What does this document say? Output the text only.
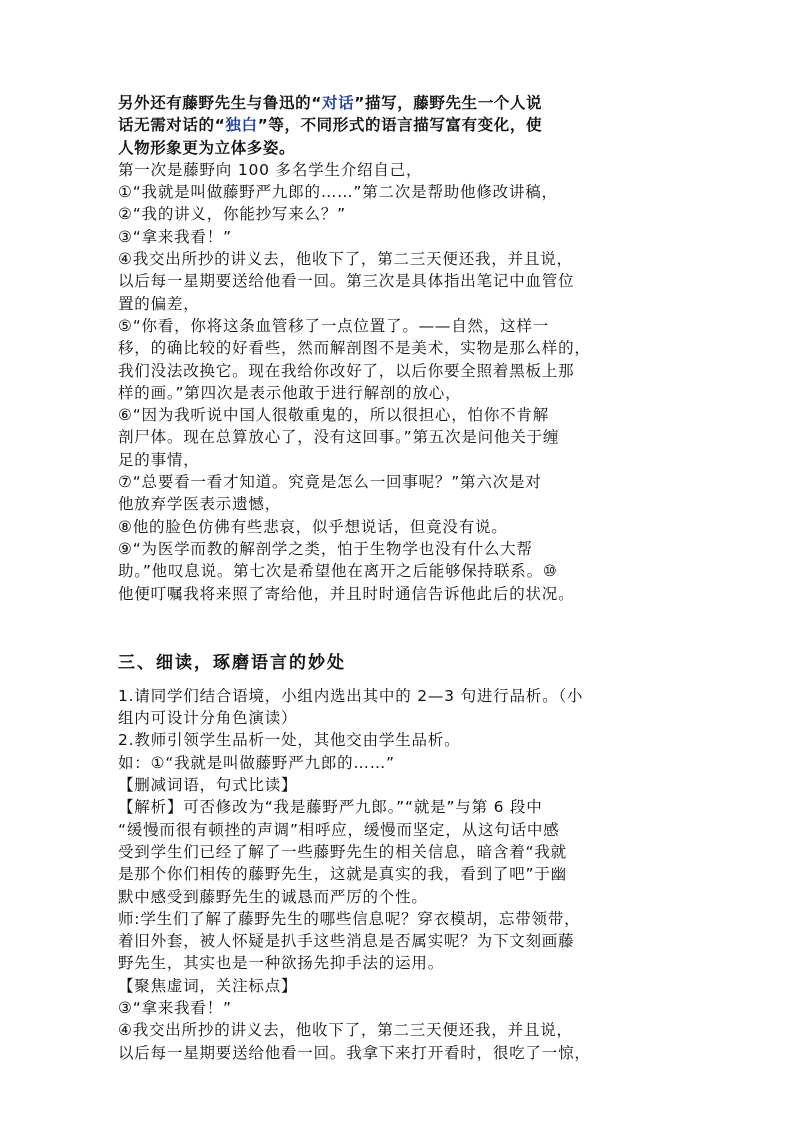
另外还有藤野先生与鲁迅的“对话”描写，藤野先生一个人说
话无需对话的“独白”等，不同形式的语言描写富有变化，使
人物形象更为立体多姿。
第一次是藤野向 100 多名学生介绍自己，
①“我就是叫做藤野严九郎的……”第二次是帮助他修改讲稿，
②“我的讲义，你能抄写来么？”
③“拿来我看！”
④我交出所抄的讲义去，他收下了，第二三天便还我，并且说，
以后每一星期要送给他看一回。第三次是具体指出笔记中血管位
置的偏差，
⑤“你看，你将这条血管移了一点位置了。——自然，这样一
移，的确比较的好看些，然而解剖图不是美术，实物是那么样的，
我们没法改换它。现在我给你改好了，以后你要全照着黑板上那
样的画。”第四次是表示他敢于进行解剖的放心，
⑥“因为我听说中国人很敬重鬼的，所以很担心，怕你不肯解
剖尸体。现在总算放心了，没有这回事。”第五次是问他关于缠
足的事情，
⑦“总要看一看才知道。究竟是怎么一回事呢？”第六次是对
他放弃学医表示遗憾，
⑧他的脸色仿佛有些悲哀，似乎想说话，但竟没有说。
⑨“为医学而教的解剖学之类，怕于生物学也没有什么大帮
助。”他叹息说。第七次是希望他在离开之后能够保持联系。⑩
他便叮嘱我将来照了寄给他，并且时时通信告诉他此后的状况。
三、细读，琢磨语言的妙处
1.请同学们结合语境，小组内选出其中的 2—3 句进行品析。（小
组内可设计分角色演读）
2.教师引领学生品析一处，其他交由学生品析。
如：①“我就是叫做藤野严九郎的……”
【删减词语，句式比读】
【解析】可否修改为“我是藤野严九郎。”“就是”与第 6 段中
“缓慢而很有顿挫的声调”相呼应，缓慢而坚定，从这句话中感
受到学生们已经了解了一些藤野先生的相关信息，暗含着“我就
是那个你们相传的藤野先生，这就是真实的我，看到了吧”于幽
默中感受到藤野先生的诚恳而严厉的个性。
师:学生们了解了藤野先生的哪些信息呢？穿衣模胡，忘带领带，
着旧外套，被人怀疑是扒手这些消息是否属实呢？为下文刻画藤
野先生，其实也是一种欲扬先抑手法的运用。
【聚焦虚词，关注标点】
③“拿来我看！”
④我交出所抄的讲义去，他收下了，第二三天便还我，并且说，
以后每一星期要送给他看一回。我拿下来打开看时，很吃了一惊，
